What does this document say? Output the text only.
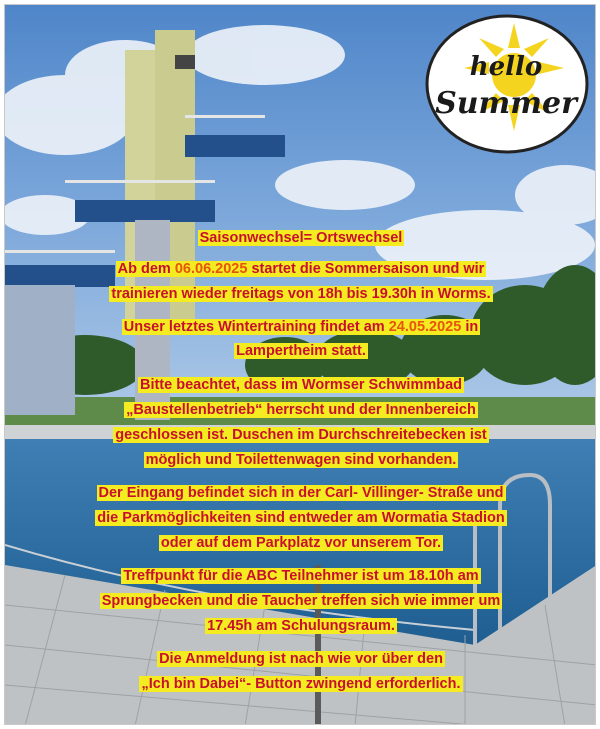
hello
Summer
Saisonwechsel= Ortswechsel
Ab dem 06.06.2025 startet die Sommersaison und wir
trainieren wieder freitags von 18h bis 19.30h in Worms.
Unser letztes Wintertraining findet am 24.05.2025 in
Lampertheim statt.
Bitte beachtet, dass im Wormser Schwimmbad
„Baustellenbetrieb“ herrscht und der Innenbereich
geschlossen ist. Duschen im Durchschreitebecken ist
möglich und Toilettenwagen sind vorhanden.
Der Eingang befindet sich in der Carl- Villinger- Straße und
die Parkmöglichkeiten sind entweder am Wormatia Stadion
oder auf dem Parkplatz vor unserem Tor.
Treffpunkt für die ABC Teilnehmer ist um 18.10h am
Sprungbecken und die Taucher treffen sich wie immer um
17.45h am Schulungsraum.
Die Anmeldung ist nach wie vor über den
„Ich bin Dabei“- Button zwingend erforderlich.
